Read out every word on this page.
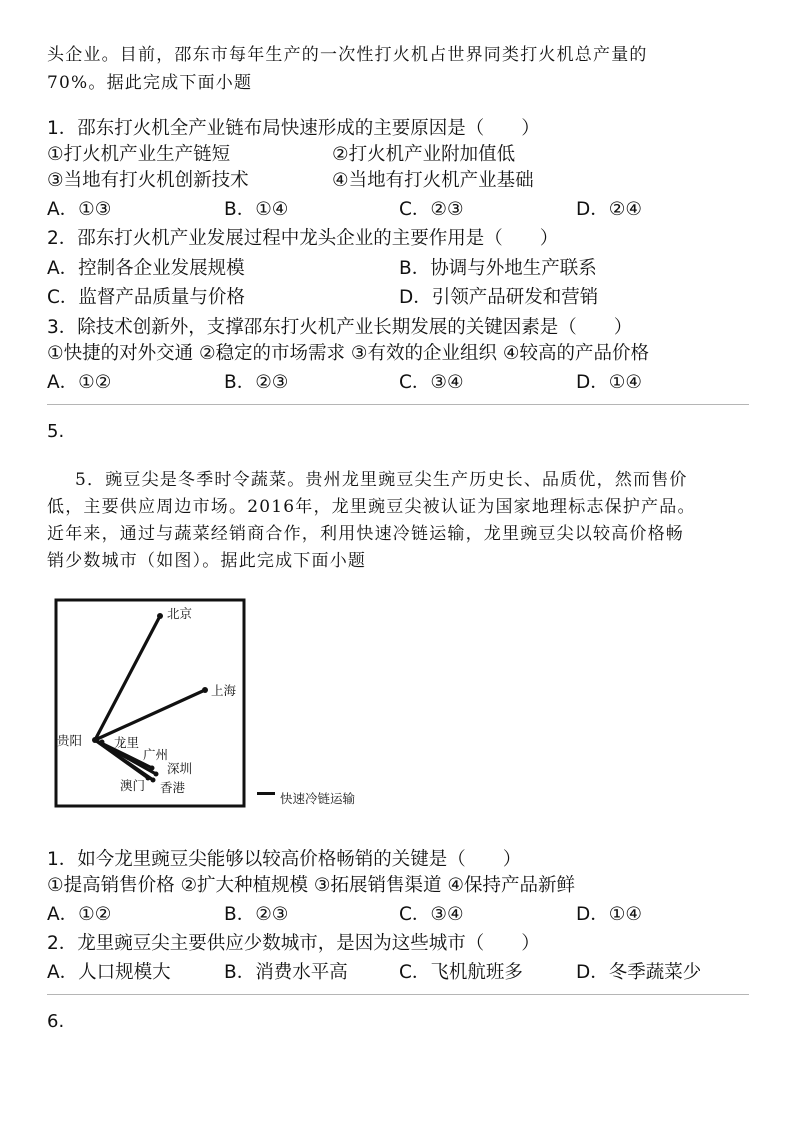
头企业。目前，邵东市每年生产的一次性打火机占世界同类打火机总产量的
70%。据此完成下面小题
1．邵东打火机全产业链布局快速形成的主要原因是（　　）
①打火机产业生产链短	②打火机产业附加值低
③当地有打火机创新技术	④当地有打火机产业基础
A．①③	B．①④	C．②③	D．②④
2．邵东打火机产业发展过程中龙头企业的主要作用是（　　）
A．控制各企业发展规模	B．协调与外地生产联系
C．监督产品质量与价格	D．引领产品研发和营销
3．除技术创新外，支撑邵东打火机产业长期发展的关键因素是（　　）
①快捷的对外交通 ②稳定的市场需求 ③有效的企业组织 ④较高的产品价格
A．①②	B．②③	C．③④	D．①④
5.
5．豌豆尖是冬季时令蔬菜。贵州龙里豌豆尖生产历史长、品质优，然而售价
低，主要供应周边市场。2016年，龙里豌豆尖被认证为国家地理标志保护产品。
近年来，通过与蔬菜经销商合作，利用快速冷链运输，龙里豌豆尖以较高价格畅
销少数城市（如图）。据此完成下面小题
北京
上海
贵阳	龙里
广州
深圳
澳门 香港
快速冷链运输
1．如今龙里豌豆尖能够以较高价格畅销的关键是（　　）
①提高销售价格 ②扩大种植规模 ③拓展销售渠道 ④保持产品新鲜
A．①②	B．②③	C．③④	D．①④
2．龙里豌豆尖主要供应少数城市，是因为这些城市（　　）
A．人口规模大	B．消费水平高	C．飞机航班多	D．冬季蔬菜少
6.
